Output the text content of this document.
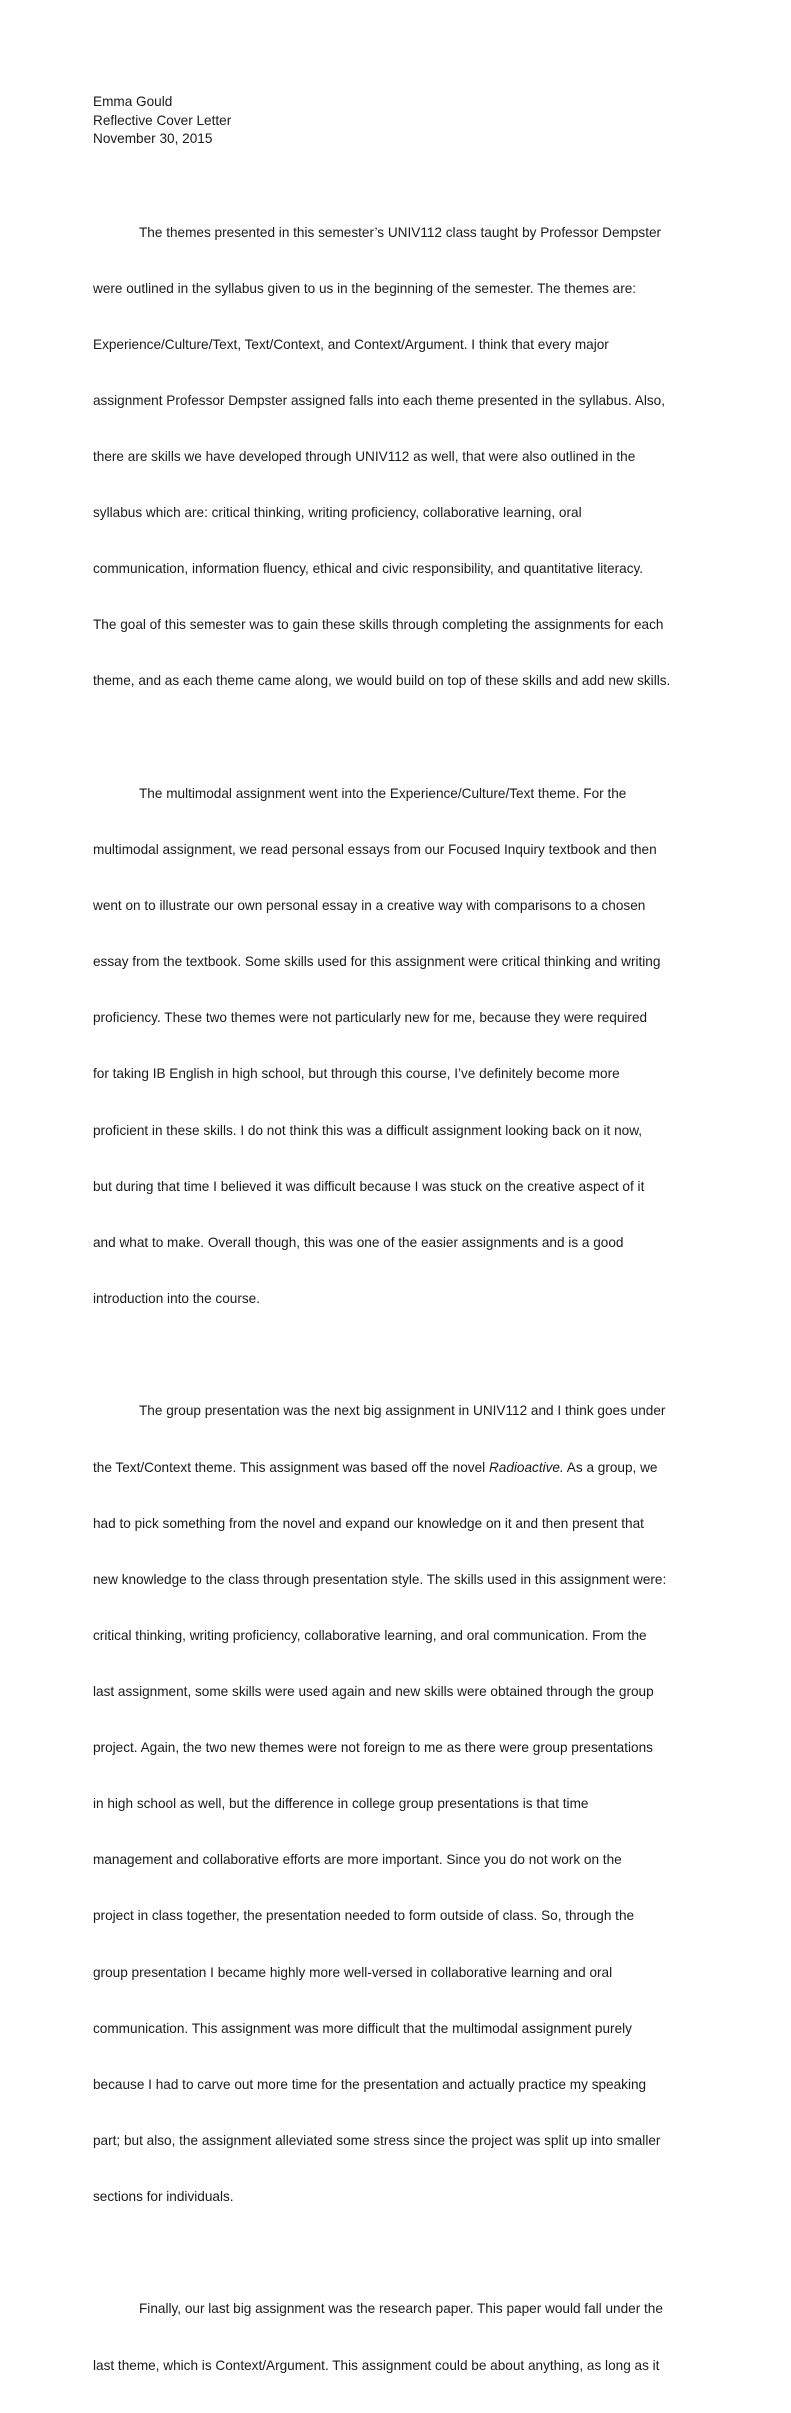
Emma Gould
Reflective Cover Letter
November 30, 2015

The themes presented in this semester’s UNIV112 class taught by Professor Dempster

were outlined in the syllabus given to us in the beginning of the semester. The themes are:

Experience/Culture/Text, Text/Context, and Context/Argument. I think that every major

assignment Professor Dempster assigned falls into each theme presented in the syllabus. Also,

there are skills we have developed through UNIV112 as well, that were also outlined in the

syllabus which are: critical thinking, writing proficiency, collaborative learning, oral

communication, information fluency, ethical and civic responsibility, and quantitative literacy.

The goal of this semester was to gain these skills through completing the assignments for each

theme, and as each theme came along, we would build on top of these skills and add new skills.

The multimodal assignment went into the Experience/Culture/Text theme. For the

multimodal assignment, we read personal essays from our Focused Inquiry textbook and then

went on to illustrate our own personal essay in a creative way with comparisons to a chosen

essay from the textbook. Some skills used for this assignment were critical thinking and writing

proficiency. These two themes were not particularly new for me, because they were required

for taking IB English in high school, but through this course, I’ve definitely become more

proficient in these skills. I do not think this was a difficult assignment looking back on it now,

but during that time I believed it was difficult because I was stuck on the creative aspect of it

and what to make. Overall though, this was one of the easier assignments and is a good

introduction into the course.

The group presentation was the next big assignment in UNIV112 and I think goes under

the Text/Context theme. This assignment was based off the novel Radioactive. As a group, we

had to pick something from the novel and expand our knowledge on it and then present that

new knowledge to the class through presentation style. The skills used in this assignment were:

critical thinking, writing proficiency, collaborative learning, and oral communication. From the

last assignment, some skills were used again and new skills were obtained through the group

project. Again, the two new themes were not foreign to me as there were group presentations

in high school as well, but the difference in college group presentations is that time

management and collaborative efforts are more important. Since you do not work on the

project in class together, the presentation needed to form outside of class. So, through the

group presentation I became highly more well-versed in collaborative learning and oral

communication. This assignment was more difficult that the multimodal assignment purely

because I had to carve out more time for the presentation and actually practice my speaking

part; but also, the assignment alleviated some stress since the project was split up into smaller

sections for individuals.

Finally, our last big assignment was the research paper. This paper would fall under the

last theme, which is Context/Argument. This assignment could be about anything, as long as it
